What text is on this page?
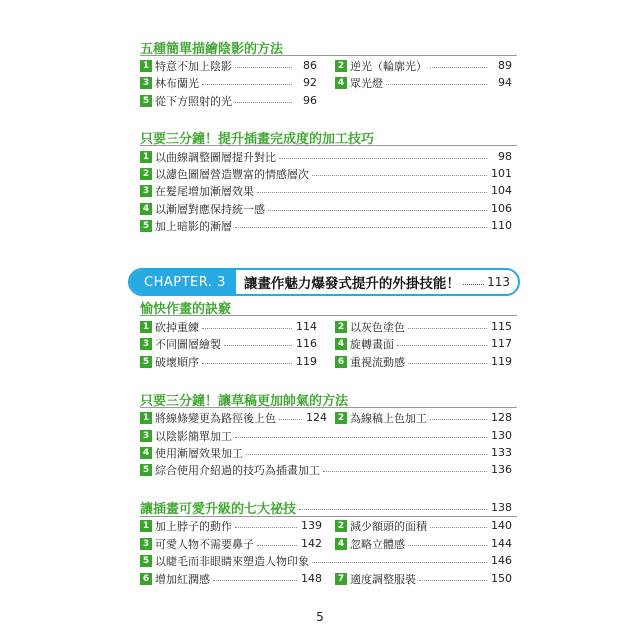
五種簡單描繪陰影的方法
1 特意不加上陰影	86	2 逆光（輪廓光）	89
3 林布蘭光	92	4 眾光燈	94
5 從下方照射的光	96
只要三分鐘！提升插畫完成度的加工技巧
1 以曲線調整圖層提升對比	98
2 以濾色圖層營造豐富的情感層次	101
3 在髮尾增加漸層效果	104
4 以漸層對應保持統一感	106
5 加上暗影的漸層	110
CHAPTER. 3	讓畫作魅力爆發式提升的外掛技能！ 113
愉快作畫的訣竅
1 砍掉重練	114	2 以灰色塗色	115
3 不同圖層繪製	116	4 旋轉畫面	117
5 破壞順序	119	6 重視流動感	119
只要三分鐘！讓草稿更加帥氣的方法
1 將線條變更為路徑後上色	124	2 為線稿上色加工	128
3 以陰影簡單加工	130
4 使用漸層效果加工	133
5 綜合使用介紹過的技巧為插畫加工	136
讓插畫可愛升級的七大祕技	138
1 加上脖子的動作	139	2 減少額頭的面積	140
3 可愛人物不需要鼻子	142	4 忽略立體感	144
5 以睫毛而非眼睛來塑造人物印象	146
6 增加紅潤感	148	7 適度調整服裝	150
5
